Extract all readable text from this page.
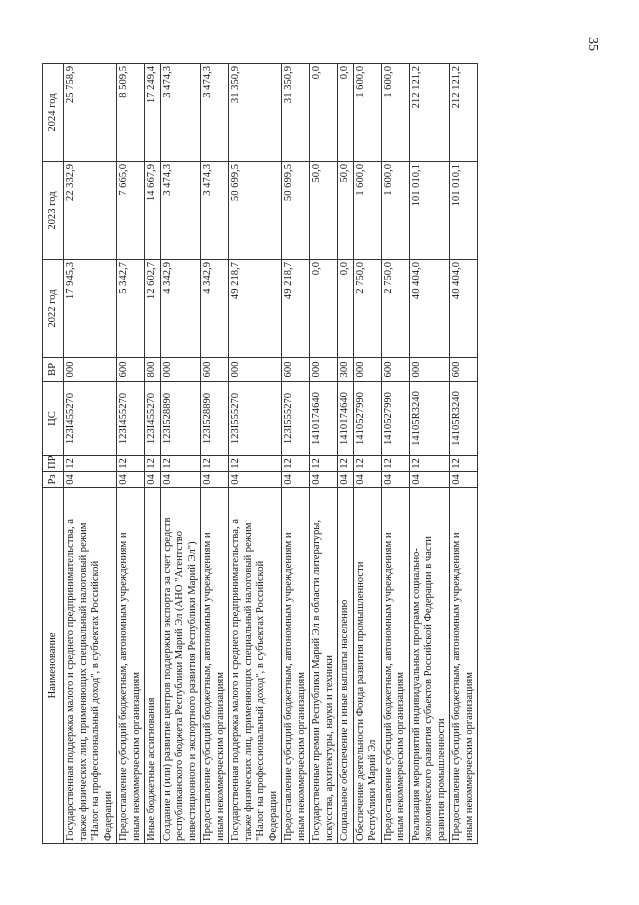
35
Наименование	Рз	ПР	ЦС	ВР	2022 год	2023 год	2024 год

Государственная поддержка малого и среднего предпринимательства, а также физических лиц, применяющих специальный налоговый режим "Налог на профессиональный доход", в субъектах Российской Федерации	04	12	123I455270	000	17 945,3	22 332,9	25 758,9

Предоставление субсидий бюджетным, автономным учреждениям и иным некоммерческим организациям	04	12	123I455270	600	5 342,7	7 665,0	8 509,5

Иные бюджетные ассигнования	04	12	123I455270	800	12 602,7	14 667,9	17 249,4

Создание и (или) развитие центров поддержки экспорта за счет средств республиканского бюджета Республики Марий Эл (АНО "Агентство инвестиционного и экспортного развития Республики Марий Эл")	04	12	123I528890	000	4 342,9	3 474,3	3 474,3

Предоставление субсидий бюджетным, автономным учреждениям и иным некоммерческим организациям	04	12	123I528890	600	4 342,9	3 474,3	3 474,3

Государственная поддержка малого и среднего предпринимательства, а также физических лиц, применяющих специальный налоговый режим "Налог на профессиональный доход", в субъектах Российской Федерации	04	12	123I555270	000	49 218,7	50 699,5	31 350,9

Предоставление субсидий бюджетным, автономным учреждениям и иным некоммерческим организациям	04	12	123I555270	600	49 218,7	50 699,5	31 350,9

Государственные премии Республики Марий Эл в области литературы, искусства, архитектуры, науки и техники	04	12	1410174640	000	0,0	50,0	0,0

Социальное обеспечение и иные выплаты населению	04	12	1410174640	300	0,0	50,0	0,0

Обеспечение деятельности Фонда развития промышленности Республики Марий Эл	04	12	1410527990	000	2 750,0	1 600,0	1 600,0

Предоставление субсидий бюджетным, автономным учреждениям и иным некоммерческим организациям	04	12	1410527990	600	2 750,0	1 600,0	1 600,0

Реализация мероприятий индивидуальных программ социально- экономического развития субъектов Российской Федерации в части развития промышленности	04	12	14105R3240	000	40 404,0	101 010,1	212 121,2

Предоставление субсидий бюджетным, автономным учреждениям и иным некоммерческим организациям	04	12	14105R3240	600	40 404,0	101 010,1	212 121,2
